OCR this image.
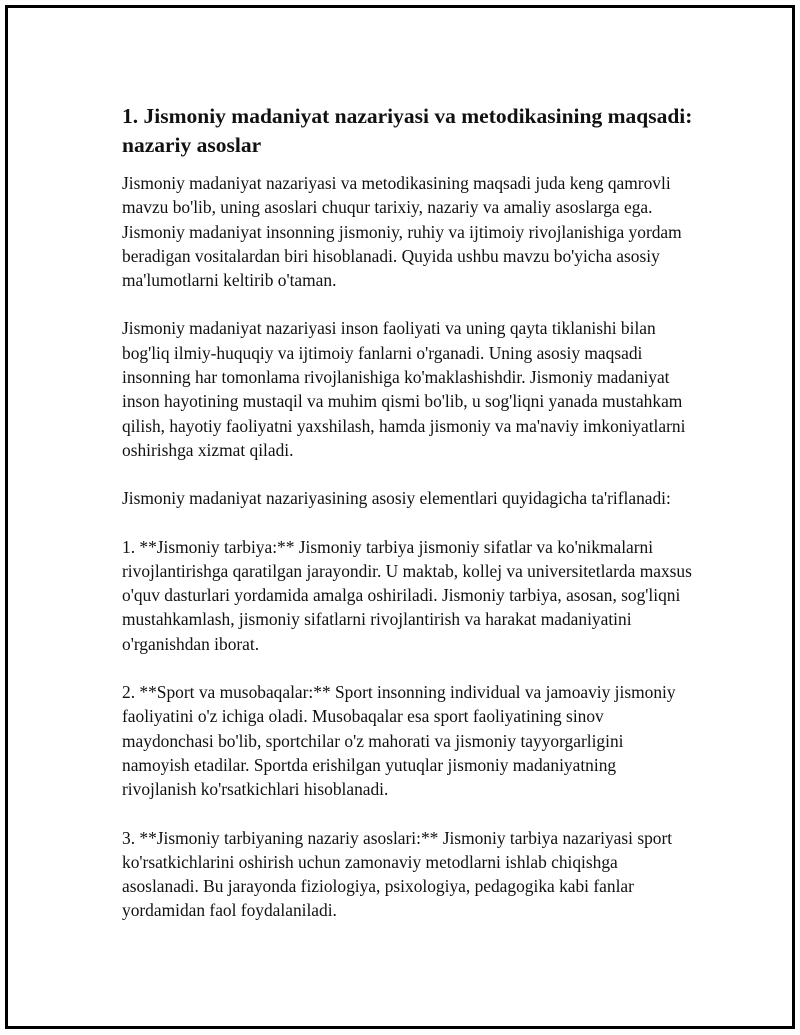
1. Jismoniy madaniyat nazariyasi va metodikasining maqsadi: nazariy asoslar

Jismoniy madaniyat nazariyasi va metodikasining maqsadi juda keng qamrovli mavzu bo'lib, uning asoslari chuqur tarixiy, nazariy va amaliy asoslarga ega. Jismoniy madaniyat insonning jismoniy, ruhiy va ijtimoiy rivojlanishiga yordam beradigan vositalardan biri hisoblanadi. Quyida ushbu mavzu bo'yicha asosiy ma'lumotlarni keltirib o'taman.

Jismoniy madaniyat nazariyasi inson faoliyati va uning qayta tiklanishi bilan bog'liq ilmiy-huquqiy va ijtimoiy fanlarni o'rganadi. Uning asosiy maqsadi insonning har tomonlama rivojlanishiga ko'maklashishdir. Jismoniy madaniyat inson hayotining mustaqil va muhim qismi bo'lib, u sog'liqni yanada mustahkam qilish, hayotiy faoliyatni yaxshilash, hamda jismoniy va ma'naviy imkoniyatlarni oshirishga xizmat qiladi.

Jismoniy madaniyat nazariyasining asosiy elementlari quyidagicha ta'riflanadi:

1. **Jismoniy tarbiya:** Jismoniy tarbiya jismoniy sifatlar va ko'nikmalarni rivojlantirishga qaratilgan jarayondir. U maktab, kollej va universitetlarda maxsus o'quv dasturlari yordamida amalga oshiriladi. Jismoniy tarbiya, asosan, sog'liqni mustahkamlash, jismoniy sifatlarni rivojlantirish va harakat madaniyatini o'rganishdan iborat.

2. **Sport va musobaqalar:** Sport insonning individual va jamoaviy jismoniy faoliyatini o'z ichiga oladi. Musobaqalar esa sport faoliyatining sinov maydonchasi bo'lib, sportchilar o'z mahorati va jismoniy tayyorgarligini namoyish etadilar. Sportda erishilgan yutuqlar jismoniy madaniyatning rivojlanish ko'rsatkichlari hisoblanadi.

3. **Jismoniy tarbiyaning nazariy asoslari:** Jismoniy tarbiya nazariyasi sport ko'rsatkichlarini oshirish uchun zamonaviy metodlarni ishlab chiqishga asoslanadi. Bu jarayonda fiziologiya, psixologiya, pedagogika kabi fanlar yordamidan faol foydalaniladi.
